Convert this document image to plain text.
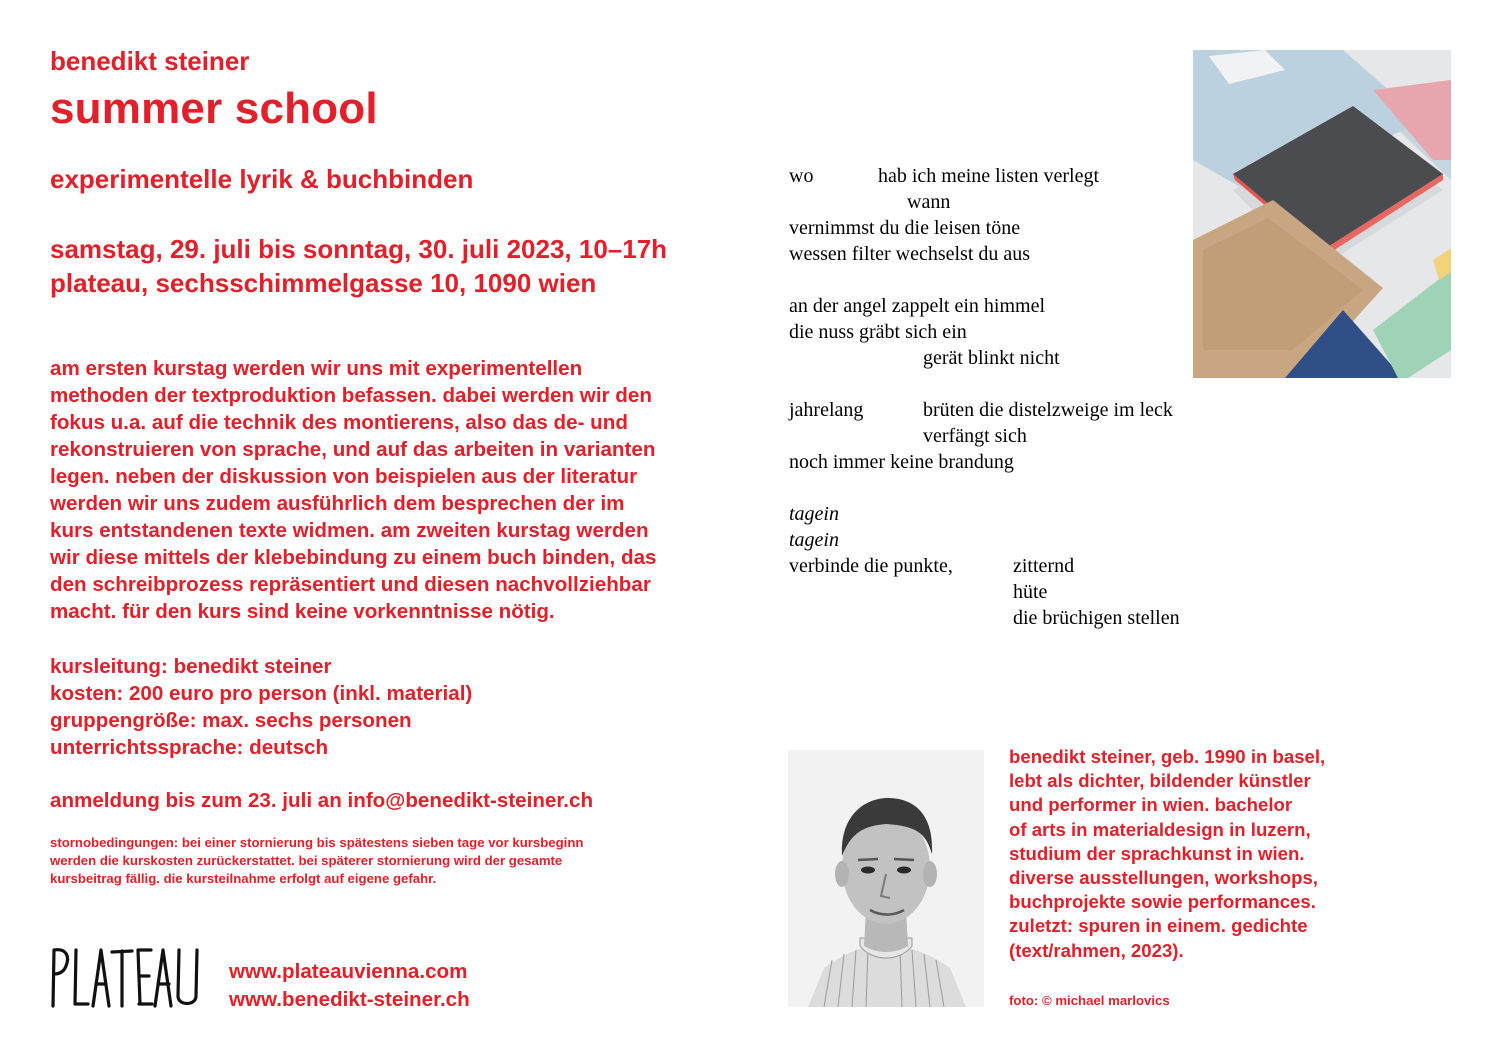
benedikt steiner
summer school
experimentelle lyrik & buchbinden
samstag, 29. juli bis sonntag, 30. juli 2023, 10–17h
plateau, sechsschimmelgasse 10, 1090 wien
am ersten kurstag werden wir uns mit experimentellen
methoden der textproduktion befassen. dabei werden wir den
fokus u.a. auf die technik des montierens, also das de- und
rekonstruieren von sprache, und auf das arbeiten in varianten
legen. neben der diskussion von beispielen aus der literatur
werden wir uns zudem ausführlich dem besprechen der im
kurs entstandenen texte widmen. am zweiten kurstag werden
wir diese mittels der klebebindung zu einem buch binden, das
den schreibprozess repräsentiert und diesen nachvollziehbar
macht. für den kurs sind keine vorkenntnisse nötig.
kursleitung: benedikt steiner
kosten: 200 euro pro person (inkl. material)
gruppengröße: max. sechs personen
unterrichtssprache: deutsch
anmeldung bis zum 23. juli an info@benedikt-steiner.ch
stornobedingungen: bei einer stornierung bis spätestens sieben tage vor kursbeginn
werden die kurskosten zurückerstattet. bei späterer stornierung wird der gesamte
kursbeitrag fällig. die kursteilnahme erfolgt auf eigene gefahr.
www.plateauvienna.com
www.benedikt-steiner.ch
wo	hab ich meine listen verlegt
wann
vernimmst du die leisen töne
wessen filter wechselst du aus
an der angel zappelt ein himmel
die nuss gräbt sich ein
gerät blinkt nicht
jahrelang	brüten die distelzweige im leck
verfängt sich
noch immer keine brandung
tagein
tagein
verbinde die punkte,	zitternd
hüte
die brüchigen stellen
benedikt steiner, geb. 1990 in basel,
lebt als dichter, bildender künstler
und performer in wien. bachelor
of arts in materialdesign in luzern,
studium der sprachkunst in wien.
diverse ausstellungen, workshops,
buchprojekte sowie performances.
zuletzt: spuren in einem. gedichte
(text/rahmen, 2023).
foto: © michael marlovics
